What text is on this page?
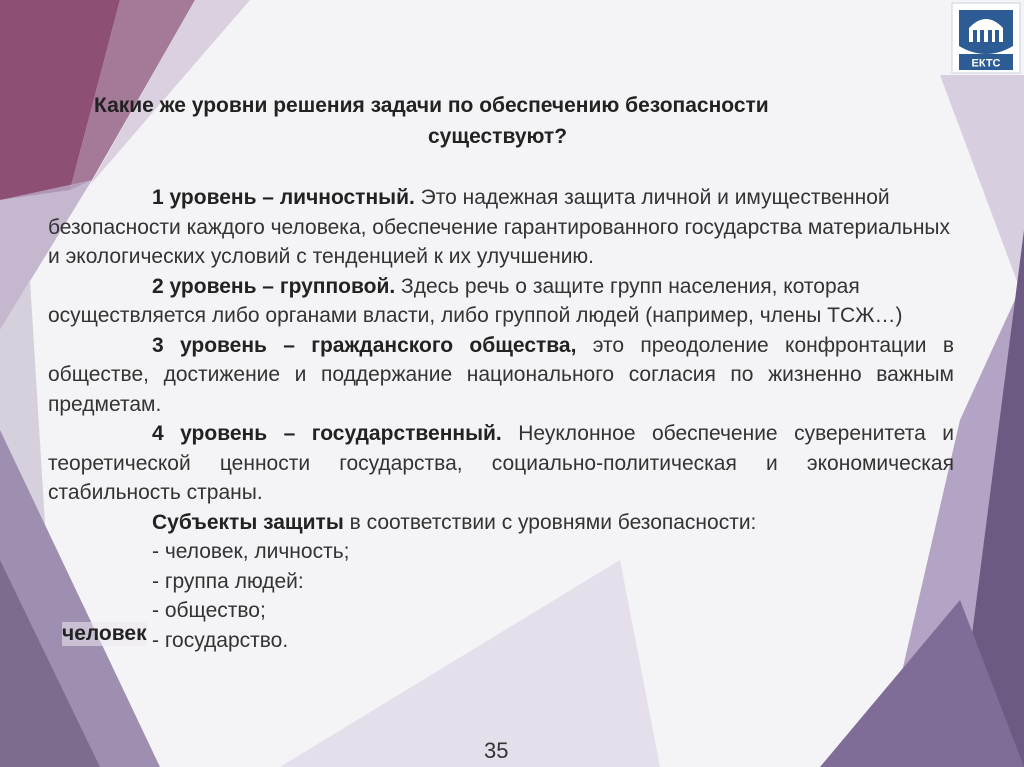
ЕКТС
Какие же уровни решения задачи по обеспечению безопасности
существуют?

1 уровень – личностный. Это надежная защита личной и имущественной безопасности каждого человека, обеспечение гарантированного государства материальных и экологических условий с тенденцией к их улучшению.

2 уровень – групповой. Здесь речь о защите групп населения, которая осуществляется либо органами власти, либо группой людей (например, члены ТСЖ…)

3 уровень – гражданского общества, это преодоление конфронтации в обществе, достижение и поддержание национального согласия по жизненно важным предметам.

4 уровень – государственный. Неуклонное обеспечение суверенитета и теоретической ценности государства, социально-политическая и экономическая стабильность страны.

Субъекты защиты в соответствии с уровнями безопасности:

- человек, личность;
- группа людей:
- общество;
- государство.
человек
35
